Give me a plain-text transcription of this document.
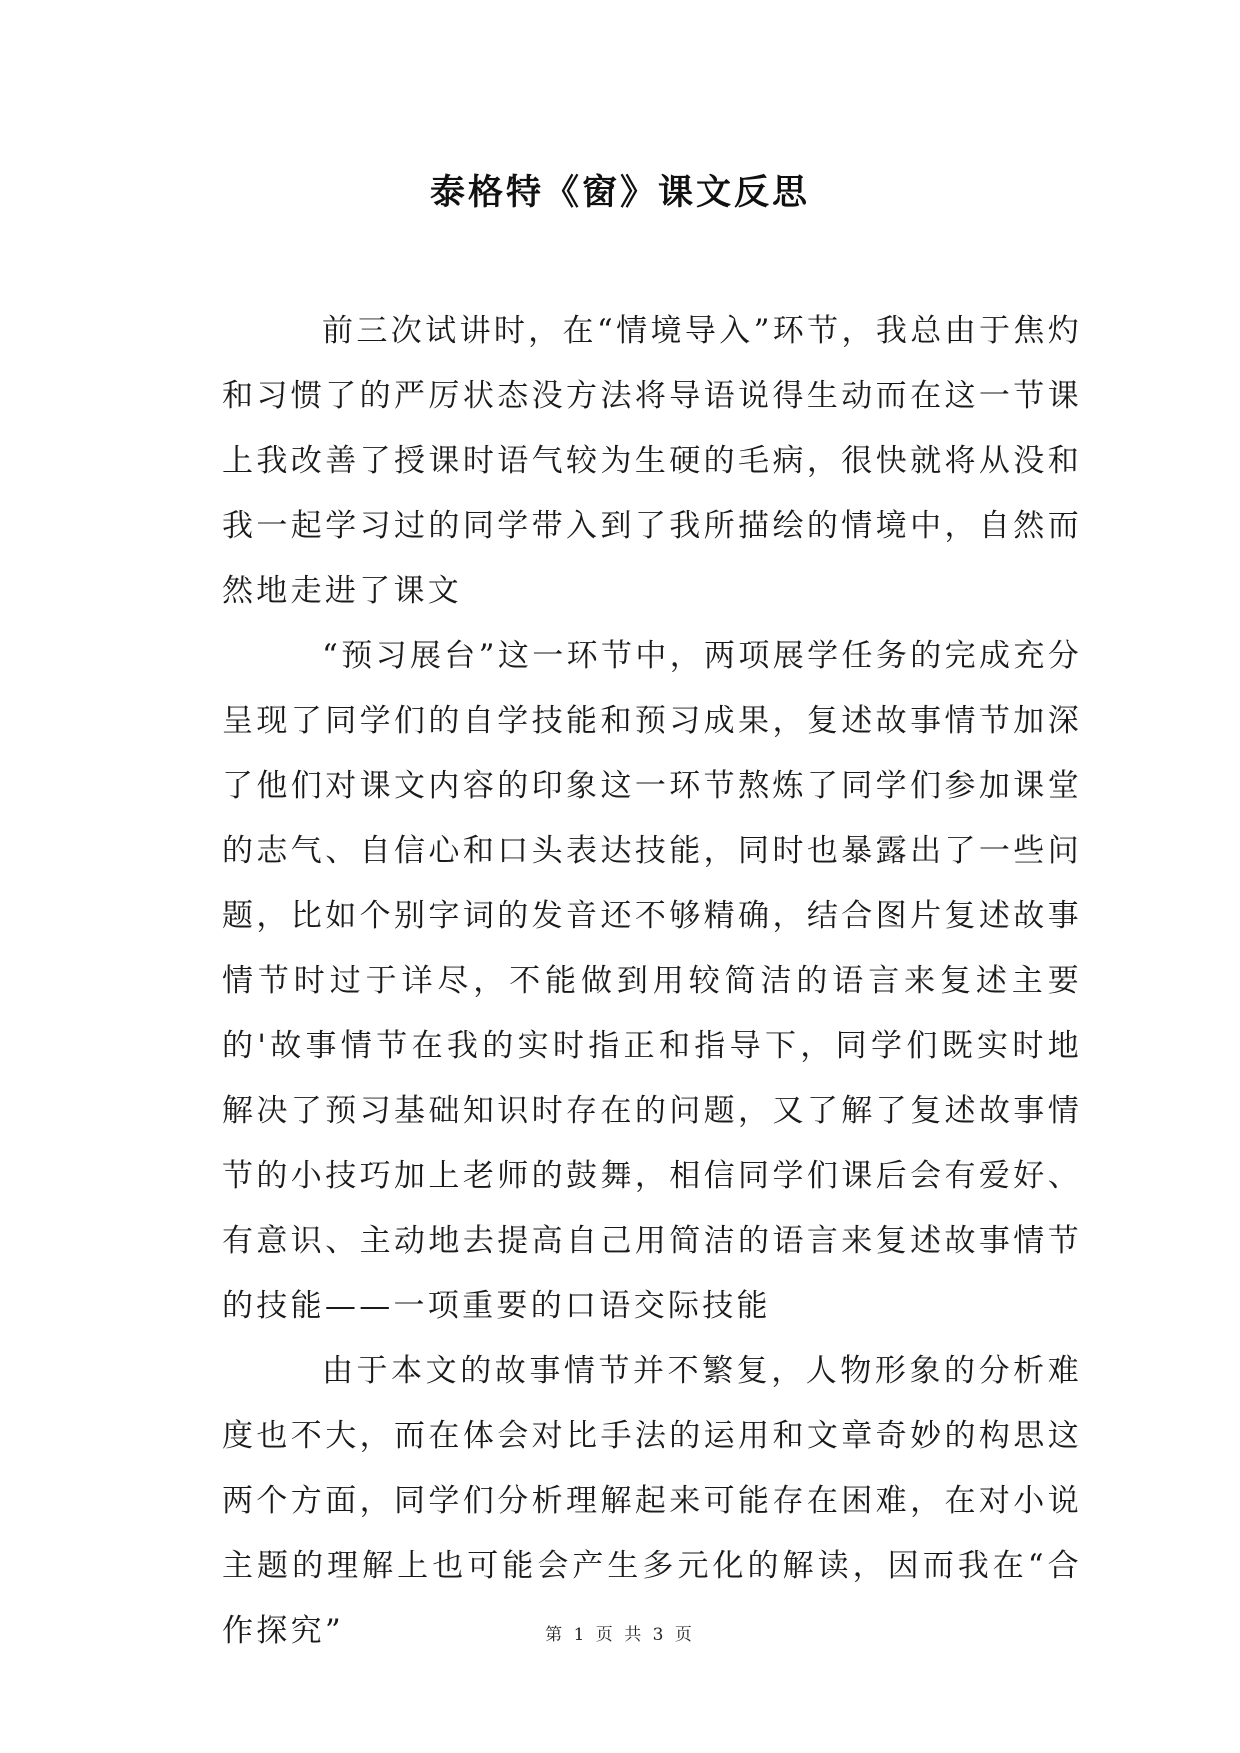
泰格特《窗》课文反思

前三次试讲时，在“情境导入”环节，我总由于焦灼和习惯了的严厉状态没方法将导语说得生动而在这一节课上我改善了授课时语气较为生硬的毛病，很快就将从没和我一起学习过的同学带入到了我所描绘的情境中，自然而然地走进了课文

“预习展台”这一环节中，两项展学任务的完成充分呈现了同学们的自学技能和预习成果，复述故事情节加深了他们对课文内容的印象这一环节熬炼了同学们参加课堂的志气、自信心和口头表达技能，同时也暴露出了一些问题，比如个别字词的发音还不够精确，结合图片复述故事情节时过于详尽，不能做到用较简洁的语言来复述主要的'故事情节在我的实时指正和指导下，同学们既实时地解决了预习基础知识时存在的问题，又了解了复述故事情节的小技巧加上老师的鼓舞，相信同学们课后会有爱好、有意识、主动地去提高自己用简洁的语言来复述故事情节的技能——一项重要的口语交际技能

由于本文的故事情节并不繁复，人物形象的分析难度也不大，而在体会对比手法的运用和文章奇妙的构思这两个方面，同学们分析理解起来可能存在困难，在对小说主题的理解上也可能会产生多元化的解读，因而我在“合作探究”	第 1 页 共 3 页
